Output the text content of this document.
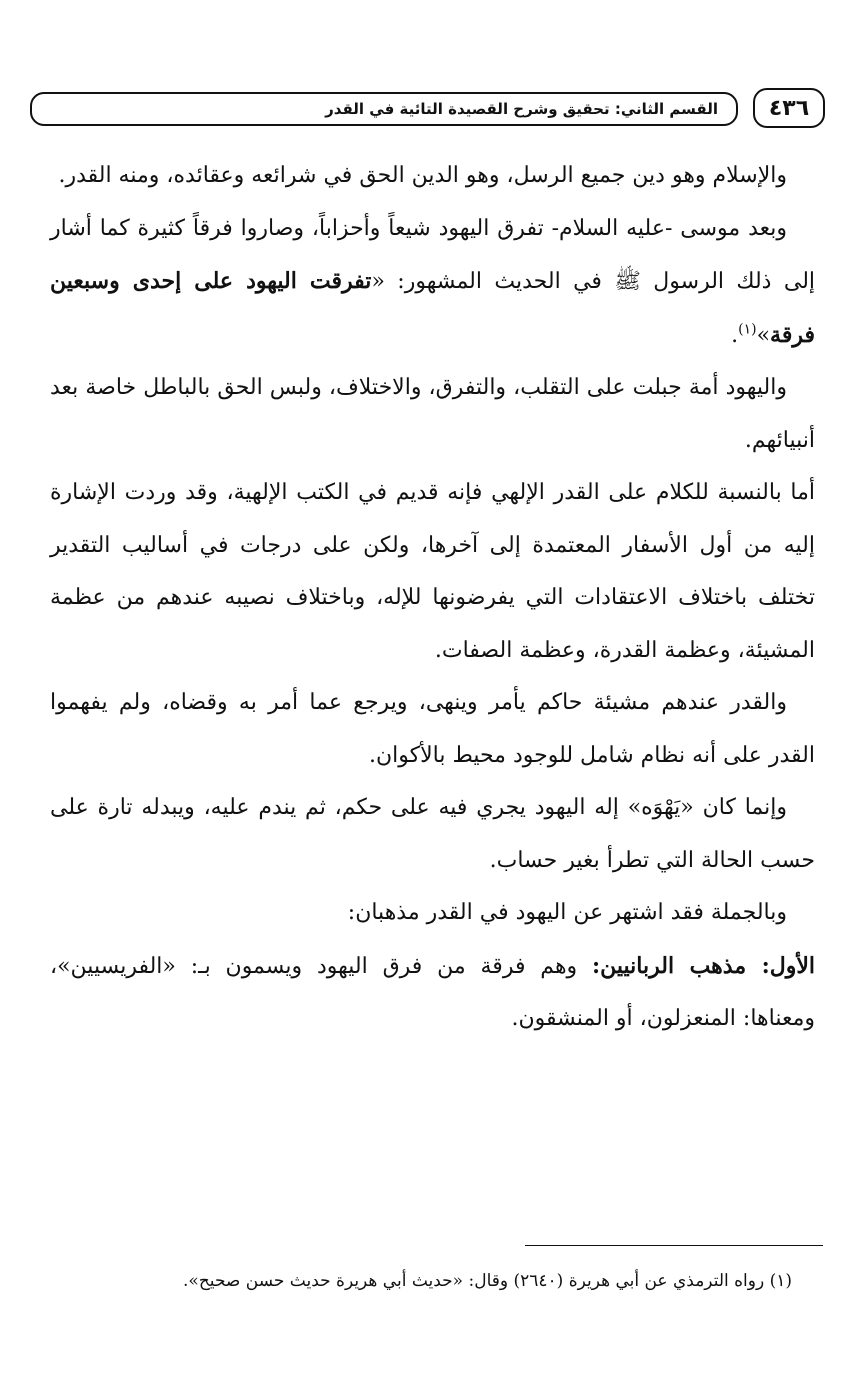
القسم الثاني: تحقيق وشرح القصيدة التائية في القدر ٤٣٦

والإسلام وهو دين جميع الرسل، وهو الدين الحق في شرائعه وعقائده، ومنه القدر.

وبعد موسى -عليه السلام- تفرق اليهود شيعاً وأحزاباً، وصاروا فرقاً كثيرة كما أشار إلى ذلك الرسول ﷺ في الحديث المشهور: «تفرقت اليهود على إحدى وسبعين فرقة»$^{(١)}$.

واليهود أمة جبلت على التقلب، والتفرق، والاختلاف، ولبس الحق بالباطل خاصة بعد أنبيائهم.

أما بالنسبة للكلام على القدر الإلهي فإنه قديم في الكتب الإلهية، وقد وردت الإشارة إليه من أول الأسفار المعتمدة إلى آخرها، ولكن على درجات في أساليب التقدير تختلف باختلاف الاعتقادات التي يفرضونها للإله، وباختلاف نصيبه عندهم من عظمة المشيئة، وعظمة القدرة، وعظمة الصفات.

والقدر عندهم مشيئة حاكم يأمر وينهى، ويرجع عما أمر به وقضاه، ولم يفهموا القدر على أنه نظام شامل للوجود محيط بالأكوان.

وإنما كان «يَهْوَه» إله اليهود يجري فيه على حكم، ثم يندم عليه، ويبدله تارة على حسب الحالة التي تطرأ بغير حساب.

وبالجملة فقد اشتهر عن اليهود في القدر مذهبان:

الأول: مذهب الربانيين: وهم فرقة من فرق اليهود ويسمون بـ: «الفريسيين»، ومعناها: المنعزلون، أو المنشقون.

(١) رواه الترمذي عن أبي هريرة (٢٦٤٠) وقال: «حديث أبي هريرة حديث حسن صحيح».
